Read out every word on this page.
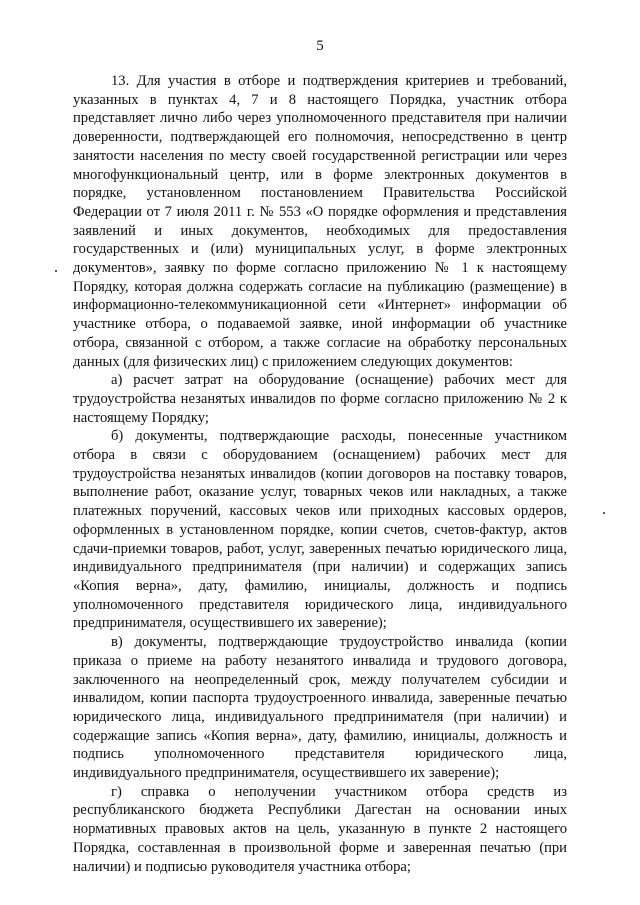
5

13. Для участия в отборе и подтверждения критериев и требований, указанных в пунктах 4, 7 и 8 настоящего Порядка, участник отбора представляет лично либо через уполномоченного представителя при наличии доверенности, подтверждающей его полномочия, непосредственно в центр занятости населения по месту своей государственной регистрации или через многофункциональный центр, или в форме электронных документов в порядке, установленном постановлением Правительства Российской Федерации от 7 июля 2011 г. № 553 «О порядке оформления и представления заявлений и иных документов, необходимых для предоставления государственных и (или) муниципальных услуг, в форме электронных документов», заявку по форме согласно приложению № 1 к настоящему Порядку, которая должна содержать согласие на публикацию (размещение) в информационно-телекоммуникационной сети «Интернет» информации об участнике отбора, о подаваемой заявке, иной информации об участнике отбора, связанной с отбором, а также согласие на обработку персональных данных (для физических лиц) с приложением следующих документов:

а) расчет затрат на оборудование (оснащение) рабочих мест для трудоустройства незанятых инвалидов по форме согласно приложению № 2 к настоящему Порядку;

б) документы, подтверждающие расходы, понесенные участником отбора в связи с оборудованием (оснащением) рабочих мест для трудоустройства незанятых инвалидов (копии договоров на поставку товаров, выполнение работ, оказание услуг, товарных чеков или накладных, а также платежных поручений, кассовых чеков или приходных кассовых ордеров, оформленных в установленном порядке, копии счетов, счетов-фактур, актов сдачи-приемки товаров, работ, услуг, заверенных печатью юридического лица, индивидуального предпринимателя (при наличии) и содержащих запись «Копия верна», дату, фамилию, инициалы, должность и подпись уполномоченного представителя юридического лица, индивидуального предпринимателя, осуществившего их заверение);

в) документы, подтверждающие трудоустройство инвалида (копии приказа о приеме на работу незанятого инвалида и трудового договора, заключенного на неопределенный срок, между получателем субсидии и инвалидом, копии паспорта трудоустроенного инвалида, заверенные печатью юридического лица, индивидуального предпринимателя (при наличии) и содержащие запись «Копия верна», дату, фамилию, инициалы, должность и подпись уполномоченного представителя юридического лица, индивидуального предпринимателя, осуществившего их заверение);

г) справка о неполучении участником отбора средств из республиканского бюджета Республики Дагестан на основании иных нормативных правовых актов на цель, указанную в пункте 2 настоящего Порядка, составленная в произвольной форме и заверенная печатью (при наличии) и подписью руководителя участника отбора;
